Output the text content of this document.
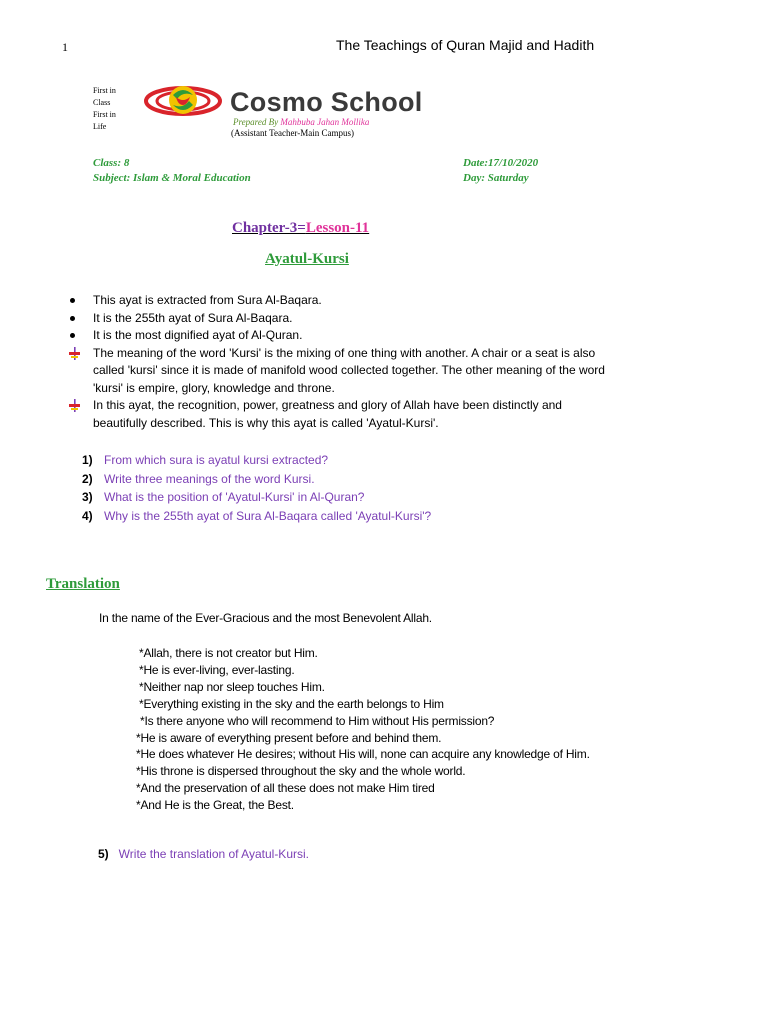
1	The Teachings of Quran Majid and Hadith
First in
Class
First in
Life
Cosmo School
Prepared By Mahbuba Jahan Mollika
(Assistant Teacher-Main Campus)
Class: 8
Subject: Islam & Moral Education
Date:17/10/2020
Day: Saturday
Chapter-3=Lesson-11
Ayatul-Kursi
This ayat is extracted from Sura Al-Baqara.
It is the 255th ayat of Sura Al-Baqara.
It is the most dignified ayat of Al-Quran.
The meaning of the word 'Kursi' is the mixing of one thing with another. A chair or a seat is also called 'kursi' since it is made of manifold wood collected together. The other meaning of the word 'kursi' is empire, glory, knowledge and throne.
In this ayat, the recognition, power, greatness and glory of Allah have been distinctly and beautifully described. This is why this ayat is called 'Ayatul-Kursi'.
1) From which sura is ayatul kursi extracted?
2) Write three meanings of the word Kursi.
3) What is the position of 'Ayatul-Kursi' in Al-Quran?
4) Why is the 255th ayat of Sura Al-Baqara called 'Ayatul-Kursi'?
Translation
In the name of the Ever-Gracious and the most Benevolent Allah.
*Allah, there is not creator but Him.
*He is ever-living, ever-lasting.
*Neither nap nor sleep touches Him.
*Everything existing in the sky and the earth belongs to Him
*Is there anyone who will recommend to Him without His permission?
*He is aware of everything present before and behind them.
*He does whatever He desires; without His will, none can acquire any knowledge of Him.
*His throne is dispersed throughout the sky and the whole world.
*And the preservation of all these does not make Him tired
*And He is the Great, the Best.
5) Write the translation of Ayatul-Kursi.
